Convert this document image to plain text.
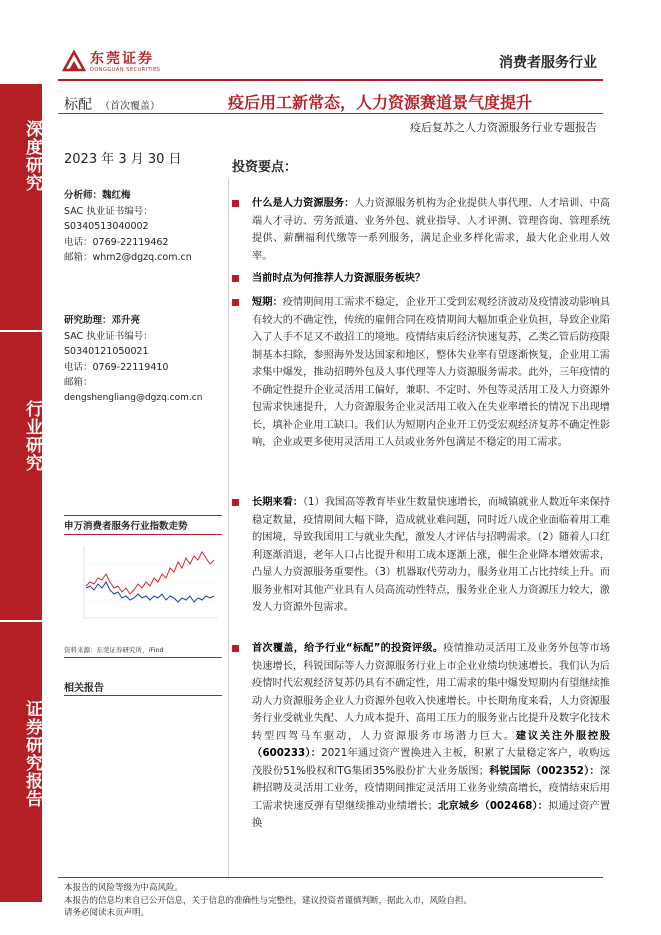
深度研究
行业研究
证券研究报告
东莞证券
DONGGUAN SECURITIES	消费者服务行业
标配 （首次覆盖）	疫后用工新常态，人力资源赛道景气度提升
疫后复苏之人力资源服务行业专题报告
2023 年 3 月 30 日
分析师：魏红梅
SAC 执业证书编号：
S0340513040002
电话：0769-22119462
邮箱：whm2@dgzq.com.cn
研究助理：邓升亮
SAC 执业证书编号：
S0340121050021
电话：0769-22119410
邮箱：
dengshengliang@dgzq.com.cn
申万消费者服务行业指数走势
资料来源：东莞证券研究所，iFind
相关报告
投资要点：
什么是人力资源服务：人力资源服务机构为企业提供人事代理、人才培训、中高端人才寻访、劳务派遣、业务外包、就业指导、人才评测、管理咨询、管理系统提供、薪酬福利代缴等一系列服务，满足企业多样化需求，最大化企业用人效率。
当前时点为何推荐人力资源服务板块？
短期：疫情期间用工需求不稳定，企业开工受到宏观经济波动及疫情波动影响具有较大的不确定性，传统的雇佣合同在疫情期间大幅加重企业负担，导致企业陷入了人手不足又不敢招工的境地。疫情结束后经济快速复苏，乙类乙管后防疫限制基本扫除，参照海外发达国家和地区，整体失业率有望逐渐恢复，企业用工需求集中爆发，推动招聘外包及人事代理等人力资源服务需求。此外，三年疫情的不确定性提升企业灵活用工偏好，兼职、不定时、外包等灵活用工及人力资源外包需求快速提升，人力资源服务企业灵活用工收入在失业率增长的情况下出现增长，填补企业用工缺口。我们认为短期内企业开工仍受宏观经济复苏不确定性影响，企业或更多使用灵活用工人员或业务外包满足不稳定的用工需求。
长期来看：（1）我国高等教育毕业生数量快速增长，而城镇就业人数近年来保持稳定数量，疫情期间大幅下降，造成就业难问题，同时近八成企业面临着用工难的困境，导致我国用工与就业失配，激发人才评估与招聘需求。（2）随着人口红利逐渐消退，老年人口占比提升和用工成本逐渐上涨，催生企业降本增效需求，凸显人力资源服务重要性。（3）机器取代劳动力，服务业用工占比持续上升。而服务业相对其他产业具有人员高流动性特点，服务业企业人力资源压力较大，激发人力资源外包需求。
首次覆盖，给予行业“标配”的投资评级。疫情推动灵活用工及业务外包等市场快速增长，科锐国际等人力资源服务行业上市企业业绩均快速增长。我们认为后疫情时代宏观经济复苏仍具有不确定性，用工需求的集中爆发短期内有望继续推动人力资源服务企业人力资源外包收入快速增长。中长期角度来看，人力资源服务行业受就业失配、人力成本提升、高用工压力的服务业占比提升及数字化技术转型四驾马车驱动，人力资源服务市场潜力巨大。建议关注外服控股（600233）：2021年通过资产置换进入主板，积累了大量稳定客户，收购远茂股份51%股权和TG集团35%股份扩大业务版图；科锐国际（002352）：深耕招聘及灵活用工业务，疫情期间推定灵活用工业务业绩高增长，疫情结束后用工需求快速反弹有望继续推动业绩增长；北京城乡（002468）：拟通过资产置换
本报告的风险等级为中高风险。
本报告的信息均来自已公开信息，关于信息的准确性与完整性，建议投资者谨慎判断，据此入市，风险自担。
请务必阅读末页声明。
